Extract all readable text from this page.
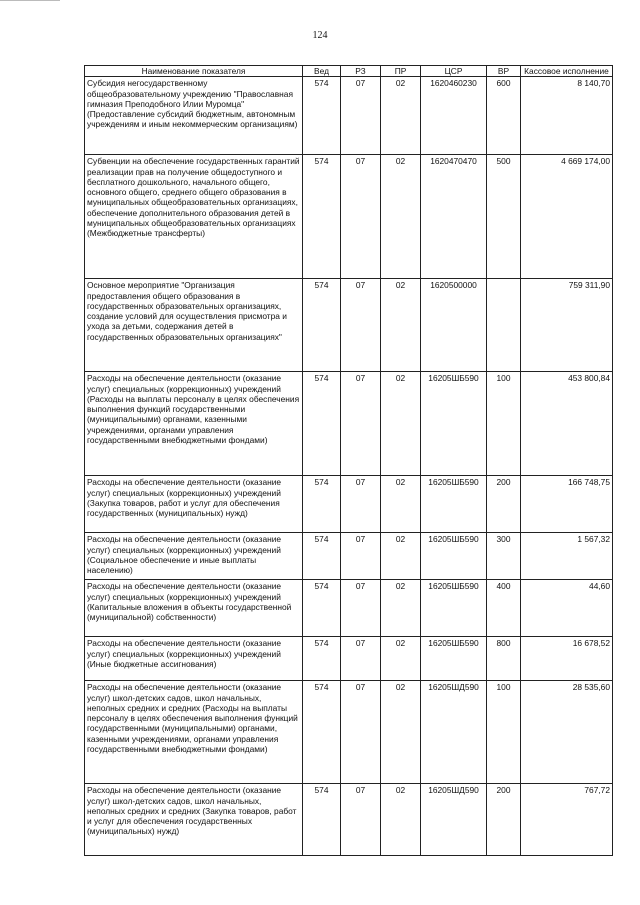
124
Наименование показателя	Вед	РЗ	ПР	ЦСР	ВР	Кассовое исполнение
Субсидия негосударственному общеобразовательному учреждению "Православная гимназия Преподобного Илии Муромца" (Предоставление субсидий бюджетным, автономным учреждениям и иным некоммерческим организациям)	574	07	02	1620460230	600	8 140,70
Субвенции на обеспечение государственных гарантий реализации прав на получение общедоступного и бесплатного дошкольного, начального общего, основного общего, среднего общего образования в муниципальных общеобразовательных организациях, обеспечение дополнительного образования детей в муниципальных общеобразовательных организациях (Межбюджетные трансферты)	574	07	02	1620470470	500	4 669 174,00
Основное мероприятие "Организация предоставления общего образования в государственных образовательных организациях, создание условий для осуществления присмотра и ухода за детьми, содержания детей в государственных образовательных организациях"	574	07	02	1620500000		759 311,90
Расходы на обеспечение деятельности (оказание услуг) специальных (коррекционных) учреждений (Расходы на выплаты персоналу в целях обеспечения выполнения функций государственными (муниципальными) органами, казенными учреждениями, органами управления государственными внебюджетными фондами)	574	07	02	16205ШБ590	100	453 800,84
Расходы на обеспечение деятельности (оказание услуг) специальных (коррекционных) учреждений (Закупка товаров, работ и услуг для обеспечения государственных (муниципальных) нужд)	574	07	02	16205ШБ590	200	166 748,75
Расходы на обеспечение деятельности (оказание услуг) специальных (коррекционных) учреждений (Социальное обеспечение и иные выплаты населению)	574	07	02	16205ШБ590	300	1 567,32
Расходы на обеспечение деятельности (оказание услуг) специальных (коррекционных) учреждений (Капитальные вложения в объекты государственной (муниципальной) собственности)	574	07	02	16205ШБ590	400	44,60
Расходы на обеспечение деятельности (оказание услуг) специальных (коррекционных) учреждений (Иные бюджетные ассигнования)	574	07	02	16205ШБ590	800	16 678,52
Расходы на обеспечение деятельности (оказание услуг) школ-детских садов, школ начальных, неполных средних и средних (Расходы на выплаты персоналу в целях обеспечения выполнения функций государственными (муниципальными) органами, казенными учреждениями, органами управления государственными внебюджетными фондами)	574	07	02	16205ШД590	100	28 535,60
Расходы на обеспечение деятельности (оказание услуг) школ-детских садов, школ начальных, неполных средних и средних (Закупка товаров, работ и услуг для обеспечения государственных (муниципальных) нужд)	574	07	02	16205ШД590	200	767,72
